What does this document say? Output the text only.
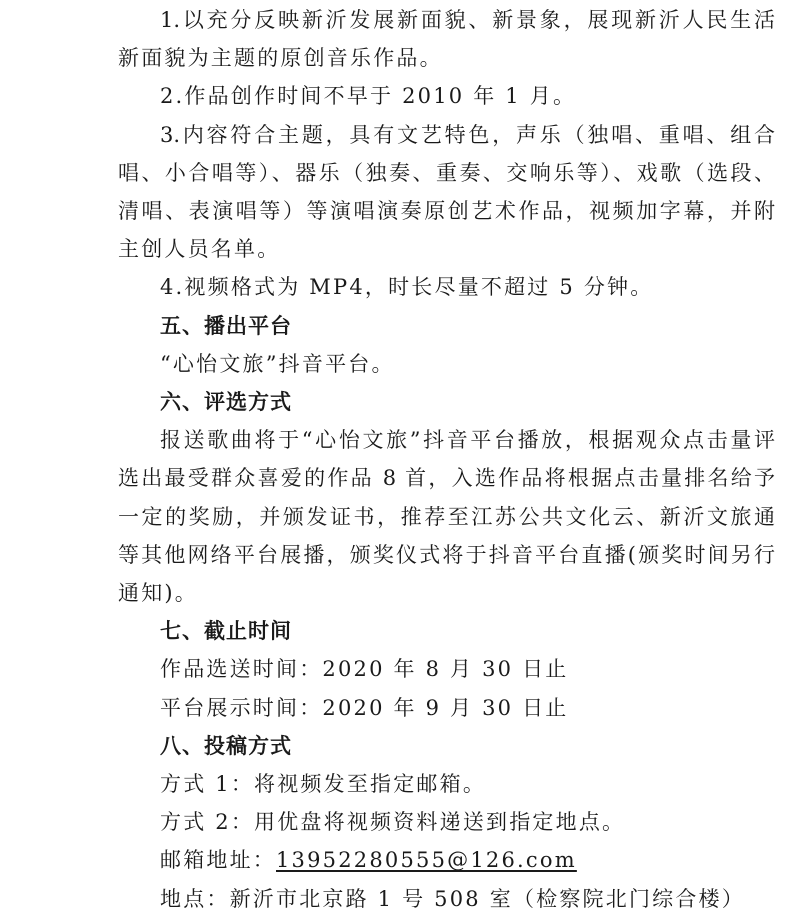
1.以充分反映新沂发展新面貌、新景象，展现新沂人民生活
新面貌为主题的原创音乐作品。
2.作品创作时间不早于 2010 年 1 月。
3.内容符合主题，具有文艺特色，声乐（独唱、重唱、组合
唱、小合唱等）、器乐（独奏、重奏、交响乐等）、戏歌（选段、
清唱、表演唱等）等演唱演奏原创艺术作品，视频加字幕，并附
主创人员名单。
4.视频格式为 MP4，时长尽量不超过 5 分钟。
五、播出平台
“心怡文旅”抖音平台。
六、评选方式
报送歌曲将于“心怡文旅”抖音平台播放，根据观众点击量评
选出最受群众喜爱的作品 8 首，入选作品将根据点击量排名给予
一定的奖励，并颁发证书，推荐至江苏公共文化云、新沂文旅通
等其他网络平台展播，颁奖仪式将于抖音平台直播(颁奖时间另行
通知)。
七、截止时间
作品选送时间：2020 年 8 月 30 日止
平台展示时间：2020 年 9 月 30 日止
八、投稿方式
方式 1：将视频发至指定邮箱。
方式 2：用优盘将视频资料递送到指定地点。
邮箱地址：13952280555@126.com
地点：新沂市北京路 1 号 508 室（检察院北门综合楼）
